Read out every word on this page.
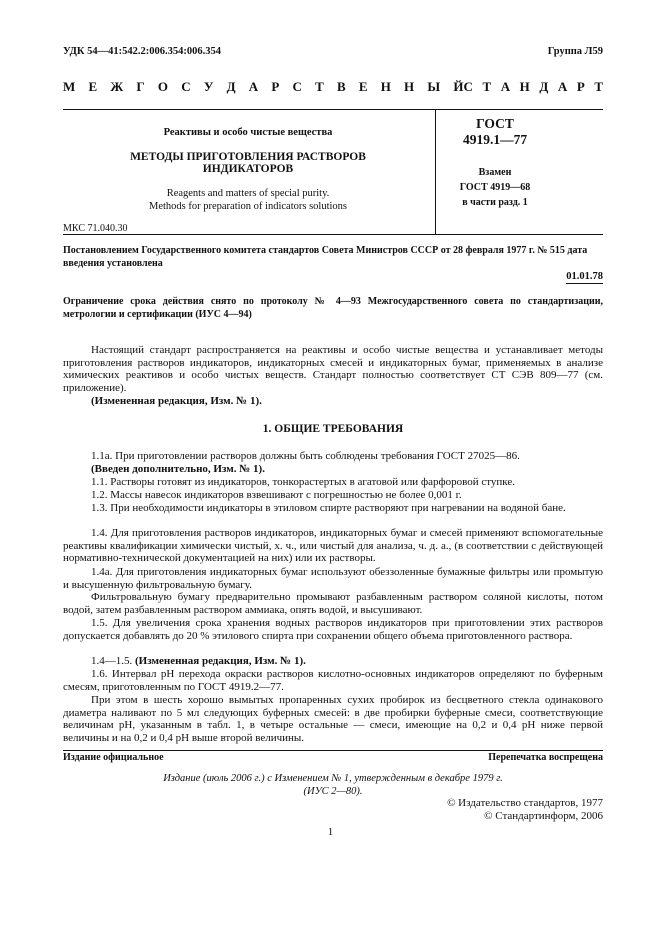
УДК 54—41:542.2:006.354:006.354	Группа Л59
М Е Ж Г О С У Д А Р С Т В Е Н Н Ы Й С Т А Н Д А Р Т
Реактивы и особо чистые вещества
МЕТОДЫ ПРИГОТОВЛЕНИЯ РАСТВОРОВ
ИНДИКАТОРОВ
Reagents and matters of special purity.
Methods for preparation of indicators solutions
МКС 71.040.30
ГОСТ
4919.1—77
Взамен
ГОСТ 4919—68
в части разд. 1
Постановлением Государственного комитета стандартов Совета Министров СССР от 28 февраля 1977 г. № 515 дата введения установлена
01.01.78
Ограничение срока действия снято по протоколу № 4—93 Межгосударственного совета по стандартизации, метрологии и сертификации (ИУС 4—94)
Настоящий стандарт распространяется на реактивы и особо чистые вещества и устанавливает методы приготовления растворов индикаторов, индикаторных смесей и индикаторных бумаг, применяемых в анализе химических реактивов и особо чистых веществ. Стандарт полностью соответствует СТ СЭВ 809—77 (см. приложение).
(Измененная редакция, Изм. № 1).
1. ОБЩИЕ ТРЕБОВАНИЯ
1.1а. При приготовлении растворов должны быть соблюдены требования ГОСТ 27025—86.
(Введен дополнительно, Изм. № 1).
1.1. Растворы готовят из индикаторов, тонкорастертых в агатовой или фарфоровой ступке.
1.2. Массы навесок индикаторов взвешивают с погрешностью не более 0,001 г.
1.3. При необходимости индикаторы в этиловом спирте растворяют при нагревании на водяной бане.
1.4. Для приготовления растворов индикаторов, индикаторных бумаг и смесей применяют вспомогательные реактивы квалификации химически чистый, х. ч., или чистый для анализа, ч. д. а., (в соответствии с действующей нормативно-технической документацией на них) или их растворы.
1.4а. Для приготовления индикаторных бумаг используют обеззоленные бумажные фильтры или промытую и высушенную фильтровальную бумагу.
Фильтровальную бумагу предварительно промывают разбавленным раствором соляной кислоты, потом водой, затем разбавленным раствором аммиака, опять водой, и высушивают.
1.5. Для увеличения срока хранения водных растворов индикаторов при приготовлении этих растворов допускается добавлять до 20 % этилового спирта при сохранении общего объема приготовленного раствора.
1.4—1.5. (Измененная редакция, Изм. № 1).
1.6. Интервал рН перехода окраски растворов кислотно-основных индикаторов определяют по буферным смесям, приготовленным по ГОСТ 4919.2—77.
При этом в шесть хорошо вымытых пропаренных сухих пробирок из бесцветного стекла одинакового диаметра наливают по 5 мл следующих буферных смесей: в две пробирки буферные смеси, соответствующие величинам рН, указанным в табл. 1, в четыре остальные — смеси, имеющие на 0,2 и 0,4 рН ниже первой величины и на 0,2 и 0,4 рН выше второй величины.
Издание официальное	Перепечатка воспрещена
Издание (июль 2006 г.) с Изменением № 1, утвержденным в декабре 1979 г.
(ИУС 2—80).
© Издательство стандартов, 1977
© Стандартинформ, 2006
1
